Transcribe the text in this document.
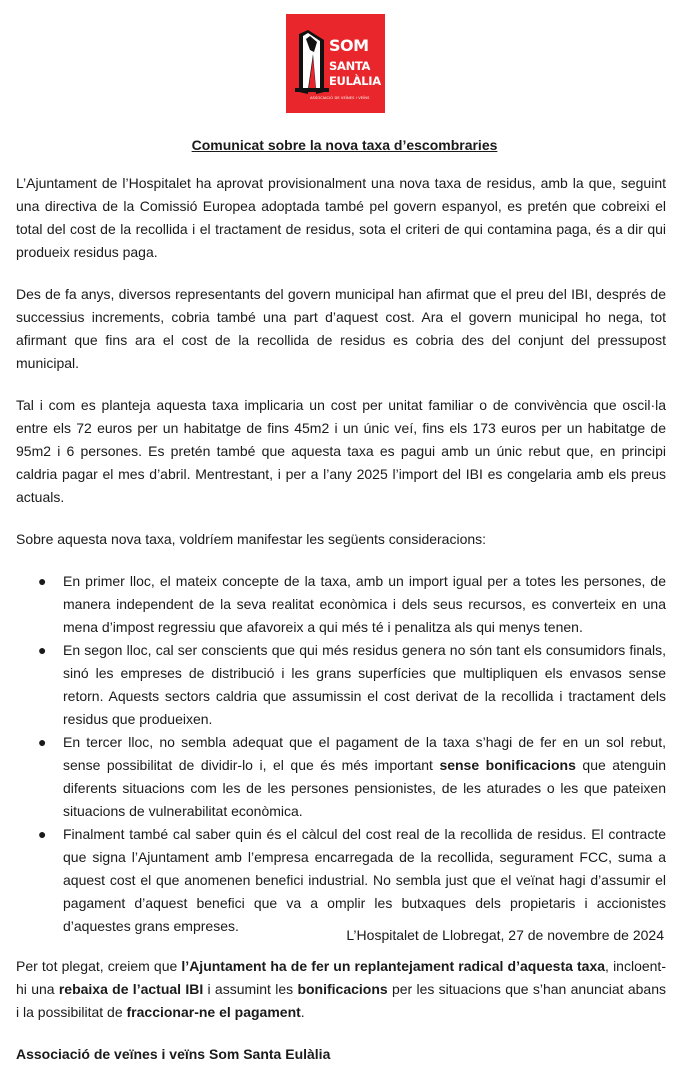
SOM
SANTA
EULÀLIA
ASSOCIACIÓ DE VEÏNES I VEÏNS
Comunicat sobre la nova taxa d’escombraries

L’Ajuntament de l’Hospitalet ha aprovat provisionalment una nova taxa de residus, amb la que, seguint una directiva de la Comissió Europea adoptada també pel govern espanyol, es pretén que cobreixi el total del cost de la recollida i el tractament de residus, sota el criteri de qui contamina paga, és a dir qui produeix residus paga.

Des de fa anys, diversos representants del govern municipal han afirmat que el preu del IBI, després de successius increments, cobria també una part d’aquest cost. Ara el govern municipal ho nega, tot afirmant que fins ara el cost de la recollida de residus es cobria des del conjunt del pressupost municipal.

Tal i com es planteja aquesta taxa implicaria un cost per unitat familiar o de convivència que oscil·la entre els 72 euros per un habitatge de fins 45m2 i un únic veí, fins els 173 euros per un habitatge de 95m2 i 6 persones. Es pretén també que aquesta taxa es pagui amb un únic rebut que, en principi caldria pagar el mes d’abril. Mentrestant, i per a l’any 2025 l’import del IBI es congelaria amb els preus actuals.

Sobre aquesta nova taxa, voldríem manifestar les següents consideracions:

● En primer lloc, el mateix concepte de la taxa, amb un import igual per a totes les persones, de manera independent de la seva realitat econòmica i dels seus recursos, es converteix en una mena d’impost regressiu que afavoreix a qui més té i penalitza als qui menys tenen.
● En segon lloc, cal ser conscients que qui més residus genera no són tant els consumidors finals, sinó les empreses de distribució i les grans superfícies que multipliquen els envasos sense retorn. Aquests sectors caldria que assumissin el cost derivat de la recollida i tractament dels residus que produeixen.
● En tercer lloc, no sembla adequat que el pagament de la taxa s’hagi de fer en un sol rebut, sense possibilitat de dividir-lo i, el que és més important sense bonificacions que atenguin diferents situacions com les de les persones pensionistes, de les aturades o les que pateixen situacions de vulnerabilitat econòmica.
● Finalment també cal saber quin és el càlcul del cost real de la recollida de residus. El contracte que signa l’Ajuntament amb l’empresa encarregada de la recollida, segurament FCC, suma a aquest cost el que anomenen benefici industrial. No sembla just que el veïnat hagi d’assumir el pagament d’aquest benefici que va a omplir les butxaques dels propietaris i accionistes d’aquestes grans empreses.

Per tot plegat, creiem que l’Ajuntament ha de fer un replantejament radical d’aquesta taxa, incloent-hi una rebaixa de l’actual IBI i assumint les bonificacions per les situacions que s’han anunciat abans i la possibilitat de fraccionar-ne el pagament.

Associació de veïnes i veïns Som Santa Eulàlia

L’Hospitalet de Llobregat, 27 de novembre de 2024
